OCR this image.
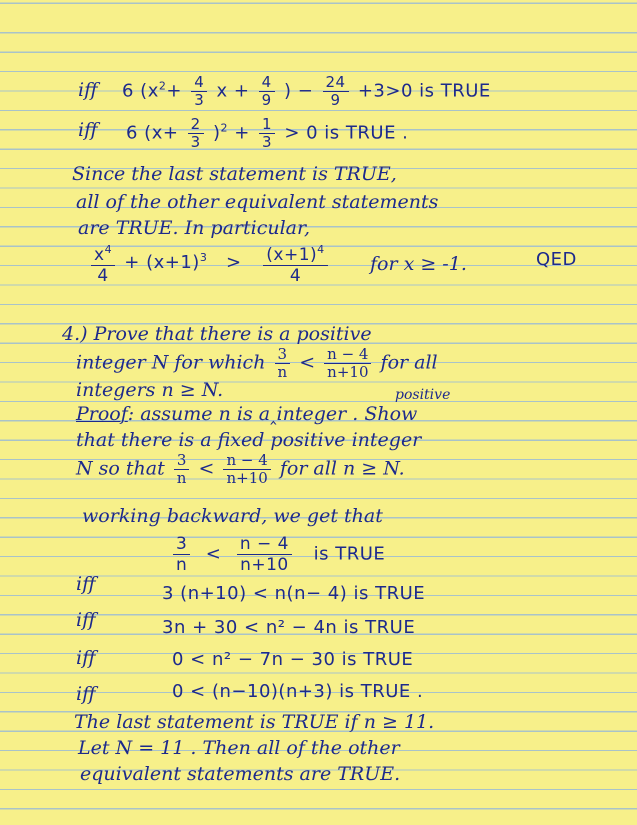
iff 6 ($x^2+ \frac{4}{3}$ $x + \frac{4}{9}$ ) − $\frac{24}{9} +3>0$ is TRUE
iff 6 $(x+ \frac{2}{3} )^2 + \frac{1}{3} > 0$ is TRUE .
Since the last statement is TRUE,
all of the other equivalent statements
are TRUE. In particular,
$\frac{x^4}{4} + (x+1)^3 > \frac{(x+1)^4}{4}$ for x ≥ -1.	QED
4.) Prove that there is a positive
integer N for which $\frac{3}{n} < \frac{n - 4}{n+10}$ for all
integers n ≥ N.	positive
Proof: assume n is a‸integer . Show
that there is a fixed positive integer
N so that $\frac{3}{n} < \frac{n - 4}{n+10}$ for all n ≥ N.
working backward, we get that
$\frac{3}{n} < \frac{n - 4}{n+10}$ is TRUE
iff	3 (n+10) < n(n− 4) is TRUE
iff	3n + 30 < n² − 4n is TRUE
iff	0 < n² − 7n − 30 is TRUE
iff	0 < (n−10)(n+3) is TRUE .
The last statement is TRUE if n ≥ 11.
Let N = 11 . Then all of the other
equivalent statements are TRUE.
